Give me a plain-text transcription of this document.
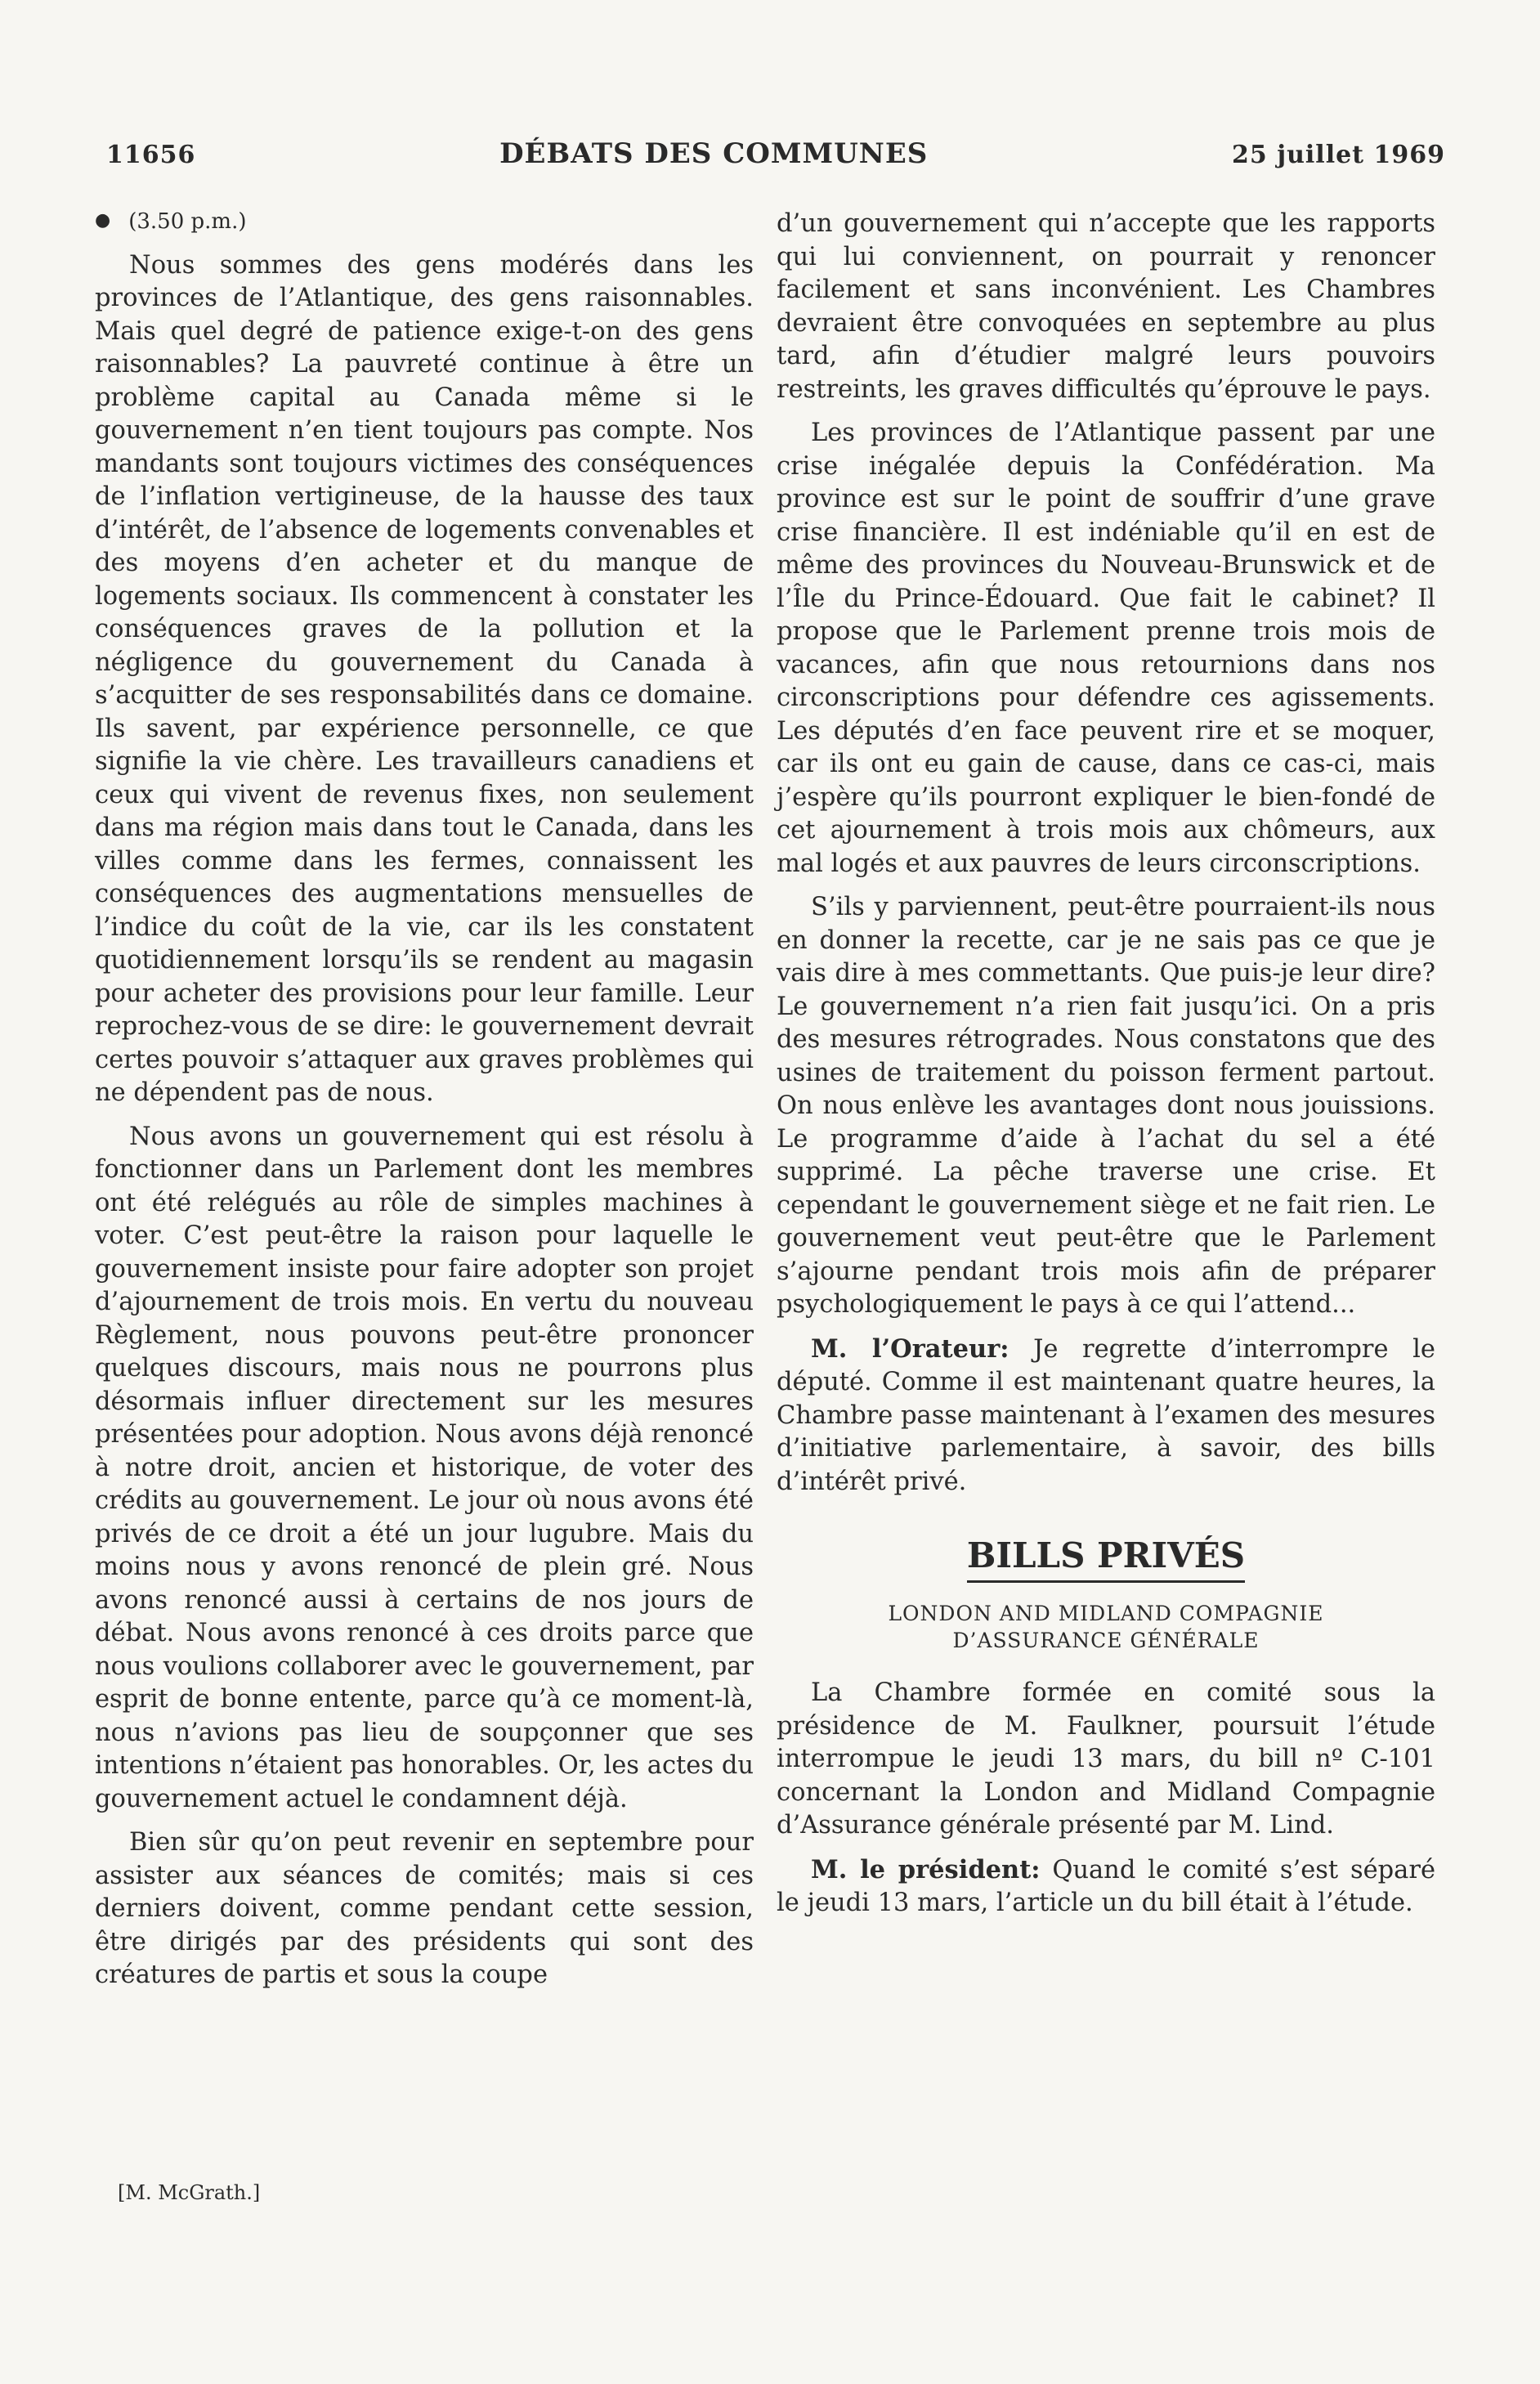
11656	DÉBATS DES COMMUNES	25 juillet 1969

● (3.50 p.m.)

Nous sommes des gens modérés dans les provinces de l’Atlantique, des gens raisonnables. Mais quel degré de patience exige-t-on des gens raisonnables? La pauvreté continue à être un problème capital au Canada même si le gouvernement n’en tient toujours pas compte. Nos mandants sont toujours victimes des conséquences de l’inflation vertigineuse, de la hausse des taux d’intérêt, de l’absence de logements convenables et des moyens d’en acheter et du manque de logements sociaux. Ils commencent à constater les conséquences graves de la pollution et la négligence du gouvernement du Canada à s’acquitter de ses responsabilités dans ce domaine. Ils savent, par expérience personnelle, ce que signifie la vie chère. Les travailleurs canadiens et ceux qui vivent de revenus fixes, non seulement dans ma région mais dans tout le Canada, dans les villes comme dans les fermes, connaissent les conséquences des augmentations mensuelles de l’indice du coût de la vie, car ils les constatent quotidiennement lorsqu’ils se rendent au magasin pour acheter des provisions pour leur famille. Leur reprochez-vous de se dire: le gouvernement devrait certes pouvoir s’attaquer aux graves problèmes qui ne dépendent pas de nous.

Nous avons un gouvernement qui est résolu à fonctionner dans un Parlement dont les membres ont été relégués au rôle de simples machines à voter. C’est peut-être la raison pour laquelle le gouvernement insiste pour faire adopter son projet d’ajournement de trois mois. En vertu du nouveau Règlement, nous pouvons peut-être prononcer quelques discours, mais nous ne pourrons plus désormais influer directement sur les mesures présentées pour adoption. Nous avons déjà renoncé à notre droit, ancien et historique, de voter des crédits au gouvernement. Le jour où nous avons été privés de ce droit a été un jour lugubre. Mais du moins nous y avons renoncé de plein gré. Nous avons renoncé aussi à certains de nos jours de débat. Nous avons renoncé à ces droits parce que nous voulions collaborer avec le gouvernement, par esprit de bonne entente, parce qu’à ce moment-là, nous n’avions pas lieu de soupçonner que ses intentions n’étaient pas honorables. Or, les actes du gouvernement actuel le condamnent déjà.

Bien sûr qu’on peut revenir en septembre pour assister aux séances de comités; mais si ces derniers doivent, comme pendant cette session, être dirigés par des présidents qui sont des créatures de partis et sous la coupe

[M. McGrath.]

d’un gouvernement qui n’accepte que les rapports qui lui conviennent, on pourrait y renoncer facilement et sans inconvénient. Les Chambres devraient être convoquées en septembre au plus tard, afin d’étudier malgré leurs pouvoirs restreints, les graves difficultés qu’éprouve le pays.

Les provinces de l’Atlantique passent par une crise inégalée depuis la Confédération. Ma province est sur le point de souffrir d’une grave crise financière. Il est indéniable qu’il en est de même des provinces du Nouveau-Brunswick et de l’Île du Prince-Édouard. Que fait le cabinet? Il propose que le Parlement prenne trois mois de vacances, afin que nous retournions dans nos circonscriptions pour défendre ces agissements. Les députés d’en face peuvent rire et se moquer, car ils ont eu gain de cause, dans ce cas-ci, mais j’espère qu’ils pourront expliquer le bien-fondé de cet ajournement à trois mois aux chômeurs, aux mal logés et aux pauvres de leurs circonscriptions.

S’ils y parviennent, peut-être pourraient-ils nous en donner la recette, car je ne sais pas ce que je vais dire à mes commettants. Que puis-je leur dire? Le gouvernement n’a rien fait jusqu’ici. On a pris des mesures rétrogrades. Nous constatons que des usines de traitement du poisson ferment partout. On nous enlève les avantages dont nous jouissions. Le programme d’aide à l’achat du sel a été supprimé. La pêche traverse une crise. Et cependant le gouvernement siège et ne fait rien. Le gouvernement veut peut-être que le Parlement s’ajourne pendant trois mois afin de préparer psychologiquement le pays à ce qui l’attend...

M. l’Orateur: Je regrette d’interrompre le député. Comme il est maintenant quatre heures, la Chambre passe maintenant à l’examen des mesures d’initiative parlementaire, à savoir, des bills d’intérêt privé.

BILLS PRIVÉS
LONDON AND MIDLAND COMPAGNIE
D’ASSURANCE GÉNÉRALE

La Chambre formée en comité sous la présidence de M. Faulkner, poursuit l’étude interrompue le jeudi 13 mars, du bill nº C-101 concernant la London and Midland Compagnie d’Assurance générale présenté par M. Lind.

M. le président: Quand le comité s’est séparé le jeudi 13 mars, l’article un du bill était à l’étude.
